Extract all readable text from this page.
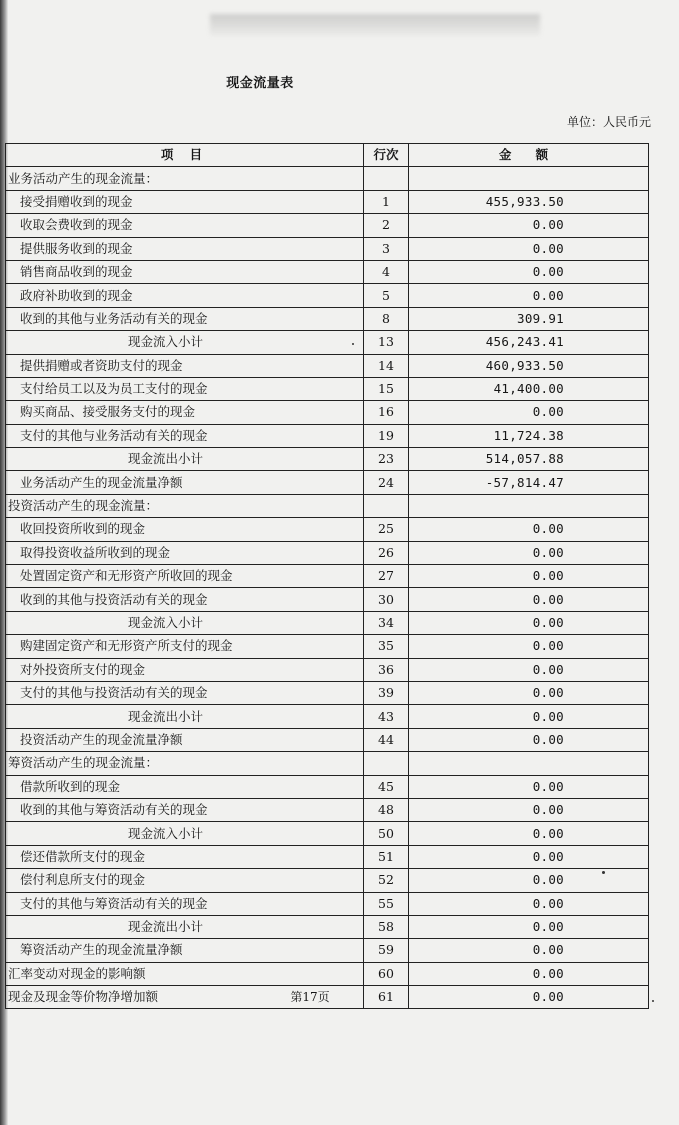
现金流量表
单位：人民币元
项 目	行次	金 额
业务活动产生的现金流量：		
接受捐赠收到的现金	1	455,933.50
收取会费收到的现金	2	0.00
提供服务收到的现金	3	0.00
销售商品收到的现金	4	0.00
政府补助收到的现金	5	0.00
收到的其他与业务活动有关的现金	8	309.91
现金流入小计	13	456,243.41
提供捐赠或者资助支付的现金	14	460,933.50
支付给员工以及为员工支付的现金	15	41,400.00
购买商品、接受服务支付的现金	16	0.00
支付的其他与业务活动有关的现金	19	11,724.38
现金流出小计	23	514,057.88
业务活动产生的现金流量净额	24	-57,814.47
投资活动产生的现金流量：		
收回投资所收到的现金	25	0.00
取得投资收益所收到的现金	26	0.00
处置固定资产和无形资产所收回的现金	27	0.00
收到的其他与投资活动有关的现金	30	0.00
现金流入小计	34	0.00
购建固定资产和无形资产所支付的现金	35	0.00
对外投资所支付的现金	36	0.00
支付的其他与投资活动有关的现金	39	0.00
现金流出小计	43	0.00
投资活动产生的现金流量净额	44	0.00
筹资活动产生的现金流量：		
借款所收到的现金	45	0.00
收到的其他与筹资活动有关的现金	48	0.00
现金流入小计	50	0.00
偿还借款所支付的现金	51	0.00
偿付利息所支付的现金	52	0.00
支付的其他与筹资活动有关的现金	55	0.00
现金流出小计	58	0.00
筹资活动产生的现金流量净额	59	0.00
汇率变动对现金的影响额	60	0.00
现金及现金等价物净增加额	61	0.00
第17页
